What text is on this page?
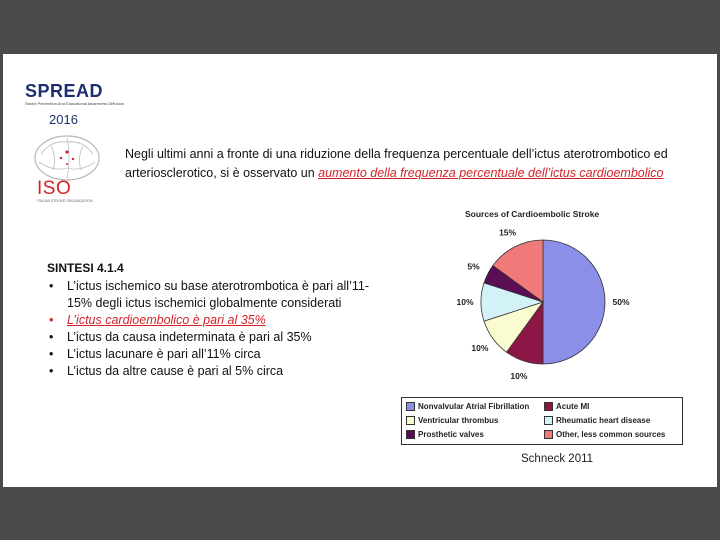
SPREAD
Stroke Prevention And Educational Awareness Diffusion
2016
ISO
ITALIAN STROKE ORGANIZATION
Negli ultimi anni a fronte di una riduzione della frequenza percentuale dell’ictus aterotrombotico ed arteriosclerotico, si è osservato un aumento della frequenza percentuale dell’ictus cardioembolico
SINTESI 4.1.4
• L’ictus ischemico su base aterotrombotica è pari all’11-15% degli ictus ischemici globalmente considerati
• L’ictus cardioembolico è pari al 35%
• L’ictus da causa indeterminata è pari al 35%
• L’ictus lacunare è pari all’11% circa
• L’ictus da altre cause è pari al 5% circa
Sources of Cardioembolic Stroke
50%
10%
10%
10%
5%
15%
Nonvalvular Atrial Fibrillation	Acute MI
Ventricular thrombus	Rheumatic heart disease
Prosthetic valves	Other, less common sources
Schneck 2011
